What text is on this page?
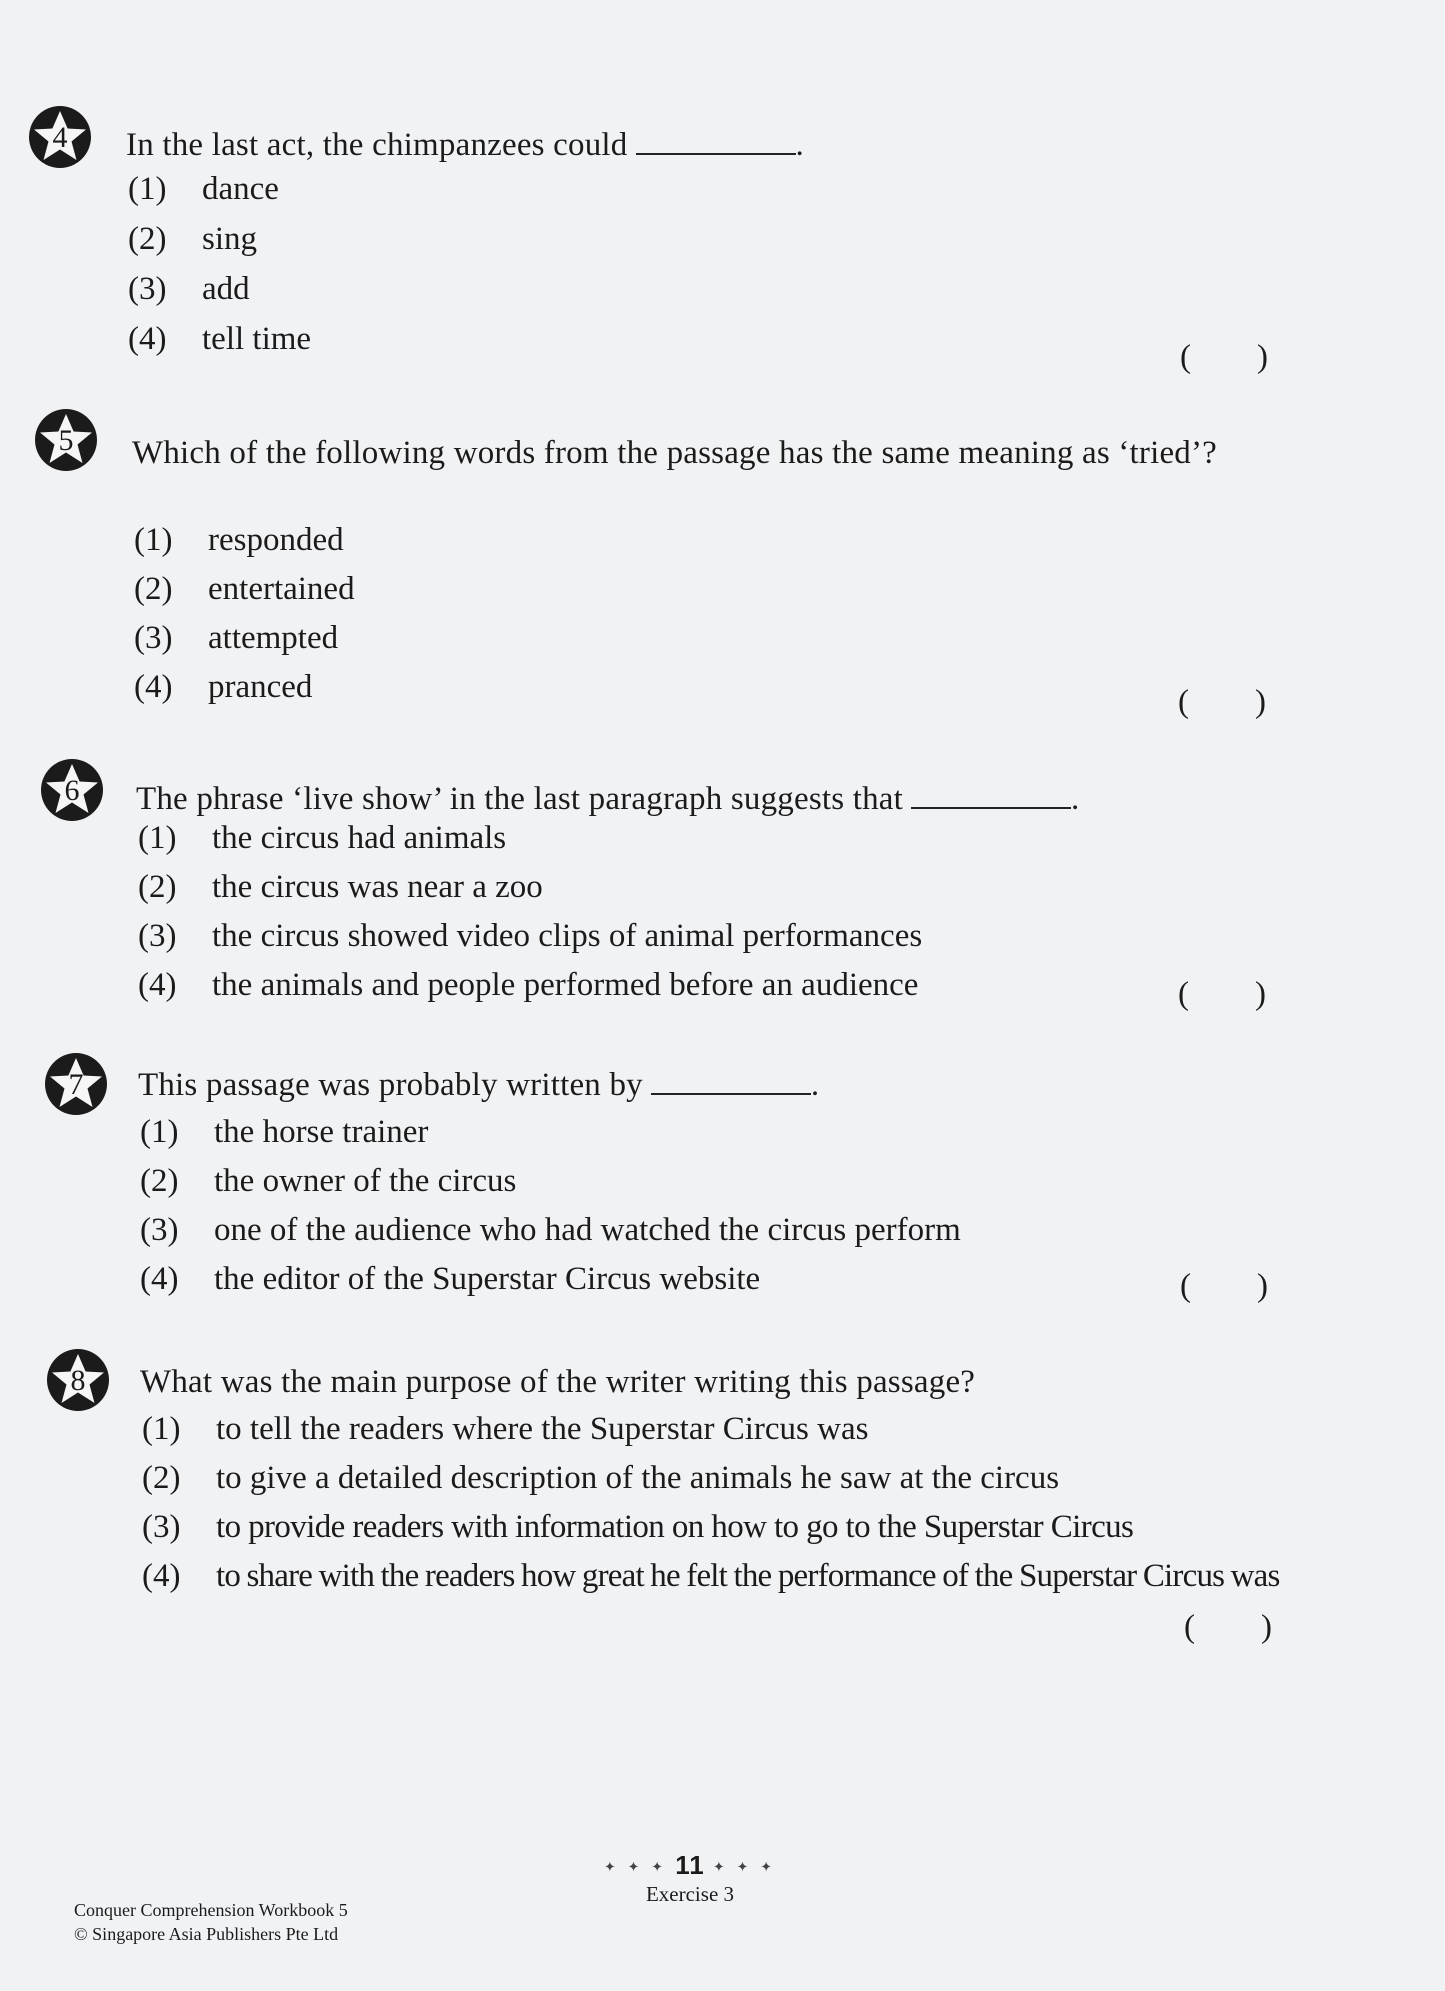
4	In the last act, the chimpanzees could	.
(1) dance
(2) sing
(3) add
(4) tell time	(        )
5	Which of the following words from the passage has the same meaning as ‘tried’?
(1) responded
(2) entertained
(3) attempted
(4) pranced	(        )
6	The phrase ‘live show’ in the last paragraph suggests that	.
(1) the circus had animals
(2) the circus was near a zoo
(3) the circus showed video clips of animal performances
(4) the animals and people performed before an audience	(        )
7	This passage was probably written by	.
(1) the horse trainer
(2) the owner of the circus
(3) one of the audience who had watched the circus perform
(4) the editor of the Superstar Circus website	(        )
8	What was the main purpose of the writer writing this passage?
(1) to tell the readers where the Superstar Circus was
(2) to give a detailed description of the animals he saw at the circus
(3) to provide readers with information on how to go to the Superstar Circus
(4) to share with the readers how great he felt the performance of the Superstar Circus was
(        )
✦ ✦ ✦ 11 ✦ ✦ ✦
Exercise 3
Conquer Comprehension Workbook 5
© Singapore Asia Publishers Pte Ltd
